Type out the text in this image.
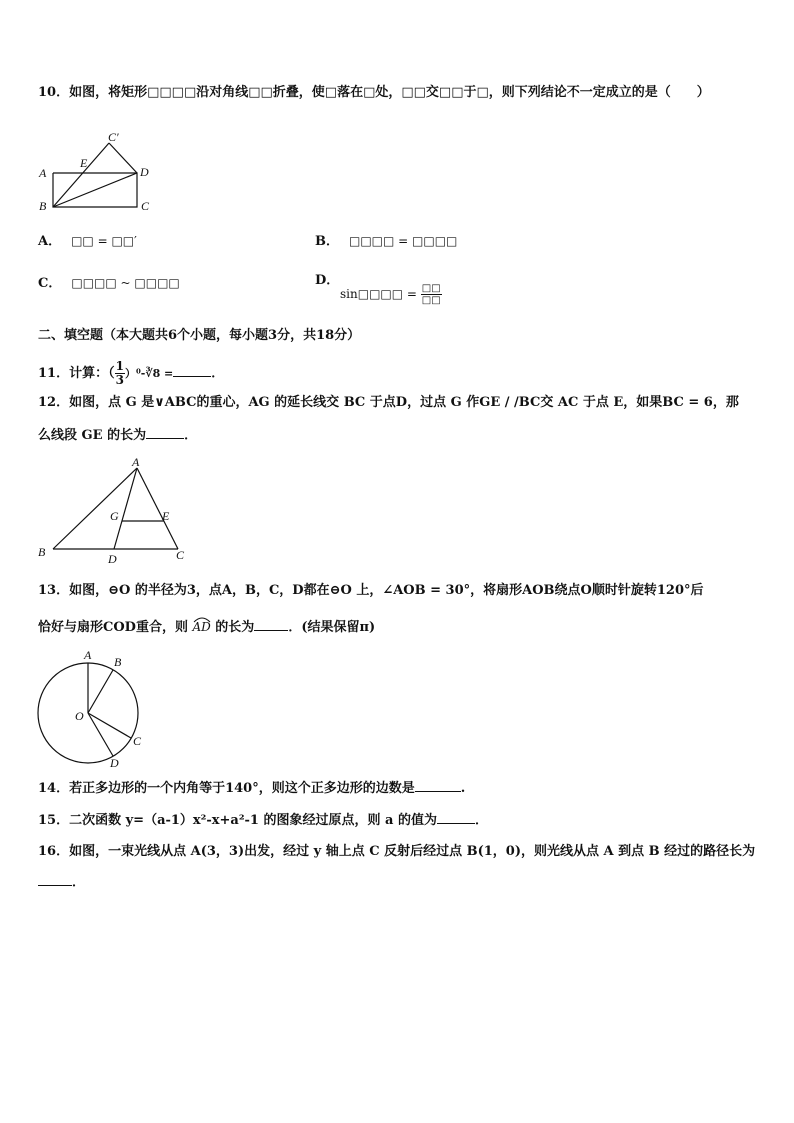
10．如图，将矩形□□□□沿对角线□□折叠，使□落在□处，□□交□□于□，则下列结论不一定成立的是（　　）
C′
E
A	D
B	C
A． □□ = □□′	B． □□□□ = □□□□
C． □□□□ ~ □□□□	D．
sin□□□□ = $\frac{□□}{□□}$
二、填空题（本大题共6个小题，每小题3分，共18分）
11．计算：（ $\frac{1}{3}$ ）⁰-∛8 =	．
12．如图，点 G 是∨ABC的重心，AG 的延长线交 BC 于点D，过点 G 作GE / /BC交 AC 于点 E，如果BC = 6，那
么线段 GE 的长为	．
A
G	E
B	D	C
13．如图，⊖O 的半径为3，点A，B，C，D都在⊖O 上，∠AOB = 30°，将扇形AOB绕点O顺时针旋转120°后
恰好与扇形COD重合，则 AD
的长为	．(结果保留π)
A B
O
C
D
14．若正多边形的一个内角等于140°，则这个正多边形的边数是	.
15．二次函数 y=（a-1）x²-x+a²-1 的图象经过原点，则 a 的值为	．
16．如图，一束光线从点 A(3，3)出发，经过 y 轴上点 C 反射后经过点 B(1，0)，则光线从点 A 到点 B 经过的路径长为
．
